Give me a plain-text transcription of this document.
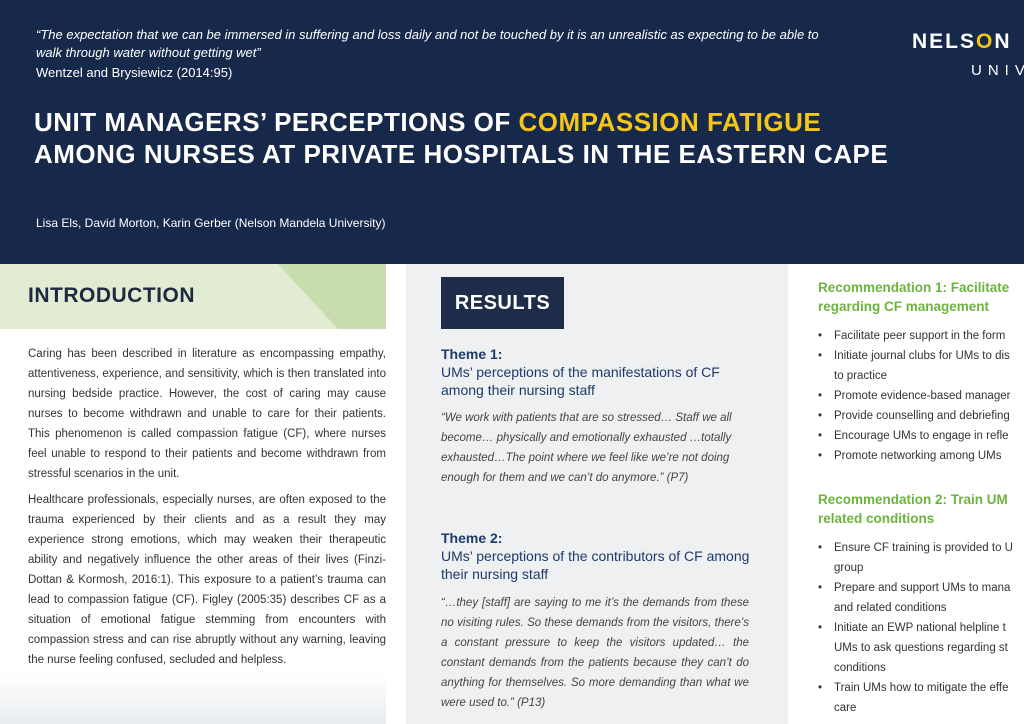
“The expectation that we can be immersed in suffering and loss daily and not be touched by it is an unrealistic as expecting to be able to walk through water without getting wet”

Wentzel and Brysiewicz (2014:95)

NELSON
UNIV
UNIT MANAGERS’ PERCEPTIONS OF COMPASSION FATIGUE
AMONG NURSES AT PRIVATE HOSPITALS IN THE EASTERN CAPE

Lisa Els, David Morton, Karin Gerber (Nelson Mandela University)

INTRODUCTION

Caring has been described in literature as encompassing empathy, attentiveness, experience, and sensitivity, which is then translated into nursing bedside practice. However, the cost of caring may cause nurses to become withdrawn and unable to care for their patients. This phenomenon is called compassion fatigue (CF), where nurses feel unable to respond to their patients and become withdrawn from stressful scenarios in the unit.

Healthcare professionals, especially nurses, are often exposed to the trauma experienced by their clients and as a result they may experience strong emotions, which may weaken their therapeutic ability and negatively influence the other areas of their lives (Finzi-Dottan & Kormosh, 2016:1). This exposure to a patient’s trauma can lead to compassion fatigue (CF). Figley (2005:35) describes CF as a situation of emotional fatigue stemming from encounters with compassion stress and can rise abruptly without any warning, leaving the nurse feeling confused, secluded and helpless.

RESULTS

Theme 1:

UMs’ perceptions of the manifestations of CF among their nursing staff

“We work with patients that are so stressed… Staff we all become… physically and emotionally exhausted …totally exhausted…The point where we feel like we’re not doing enough for them and we can’t do anymore.” (P7)

Theme 2:

UMs’ perceptions of the contributors of CF among their nursing staff

“…they [staff] are saying to me it’s the demands from these no visiting rules. So these demands from the visitors, there’s a constant pressure to keep the visitors updated… the constant demands from the patients because they can’t do anything for themselves. So more demanding than what we were used to.” (P13)

Recommendation 1: Facilitate
regarding CF management

• Facilitate peer support in the form
• Initiate journal clubs for UMs to dis
to practice
• Promote evidence-based manager
• Provide counselling and debriefing
• Encourage UMs to engage in refle
• Promote networking among UMs

Recommendation 2: Train UM
related conditions

• Ensure CF training is provided to U
group
• Prepare and support UMs to mana
and related conditions
• Initiate an EWP national helpline t
UMs to ask questions regarding st
conditions
• Train UMs how to mitigate the effe
care
